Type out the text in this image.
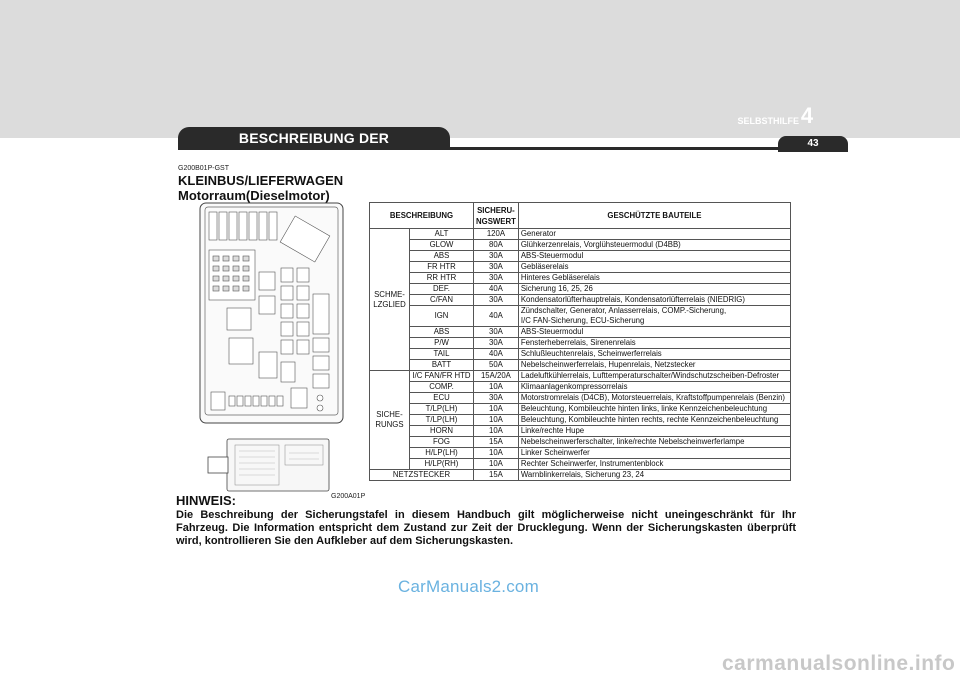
BESCHREIBUNG DER SICHERUNGSTAFEL
SELBSTHILFE 4
43
G200B01P-GST
KLEINBUS/LIEFERWAGEN
Motorraum(Dieselmotor)
G200A01P
BESCHREIBUNG		SICHERU-
NGSWERT	GESCHÜTZTE BAUTEILE
SCHME-LZGLIED	ALT	120A	Generator

	GLOW	80A	Glühkerzenrelais, Vorglühsteuermodul (D4BB)

	ABS	30A	ABS-Steuermodul

	FR HTR	30A	Gebläserelais

	RR HTR	30A	Hinteres Gebläserelais

	DEF.	40A	Sicherung 16, 25, 26

	C/FAN	30A	Kondensatorlüfterhauptrelais, Kondensatorlüfterrelais (NIEDRIG)

	IGN	40A	Zündschalter, Generator, Anlasserrelais, COMP.-Sicherung,
I/C FAN-Sicherung, ECU-Sicherung

	ABS	30A	ABS-Steuermodul

	P/W	30A	Fensterheberrelais, Sirenenrelais

	TAIL	40A	Schlußleuchtenrelais, Scheinwerferrelais

	BATT	50A	Nebelscheinwerferrelais, Hupenrelais, Netzstecker

SICHE-RUNGS	I/C FAN/FR HTD	15A/20A	Ladeluftkühlerrelais, Lufttemperaturschalter/Windschutzscheiben-Defroster

	COMP.	10A	Klimaanlagenkompressorrelais

	ECU	30A	Motorstromrelais (D4CB), Motorsteuerrelais, Kraftstoffpumpenrelais (Benzin)

	T/LP(LH)	10A	Beleuchtung, Kombileuchte hinten links, linke Kennzeichenbeleuchtung

	T/LP(LH)	10A	Beleuchtung, Kombileuchte hinten rechts, rechte Kennzeichenbeleuchtung

	HORN	10A	Linke/rechte Hupe

	FOG	15A	Nebelscheinwerferschalter, linke/rechte Nebelscheinwerferlampe

	H/LP(LH)	10A	Linker Scheinwerfer

	H/LP(RH)	10A	Rechter Scheinwerfer, Instrumentenblock

NETZSTECKER		15A	Warnblinkerrelais, Sicherung 23, 24
HINWEIS:
Die Beschreibung der Sicherungstafel in diesem Handbuch gilt möglicherweise nicht uneingeschränkt für Ihr Fahrzeug. Die Information entspricht dem Zustand zur Zeit der Drucklegung. Wenn der Sicherungskasten überprüft wird, kontrollieren Sie den Aufkleber auf dem Sicherungskasten.
CarManuals2.com
carmanualsonline.info
